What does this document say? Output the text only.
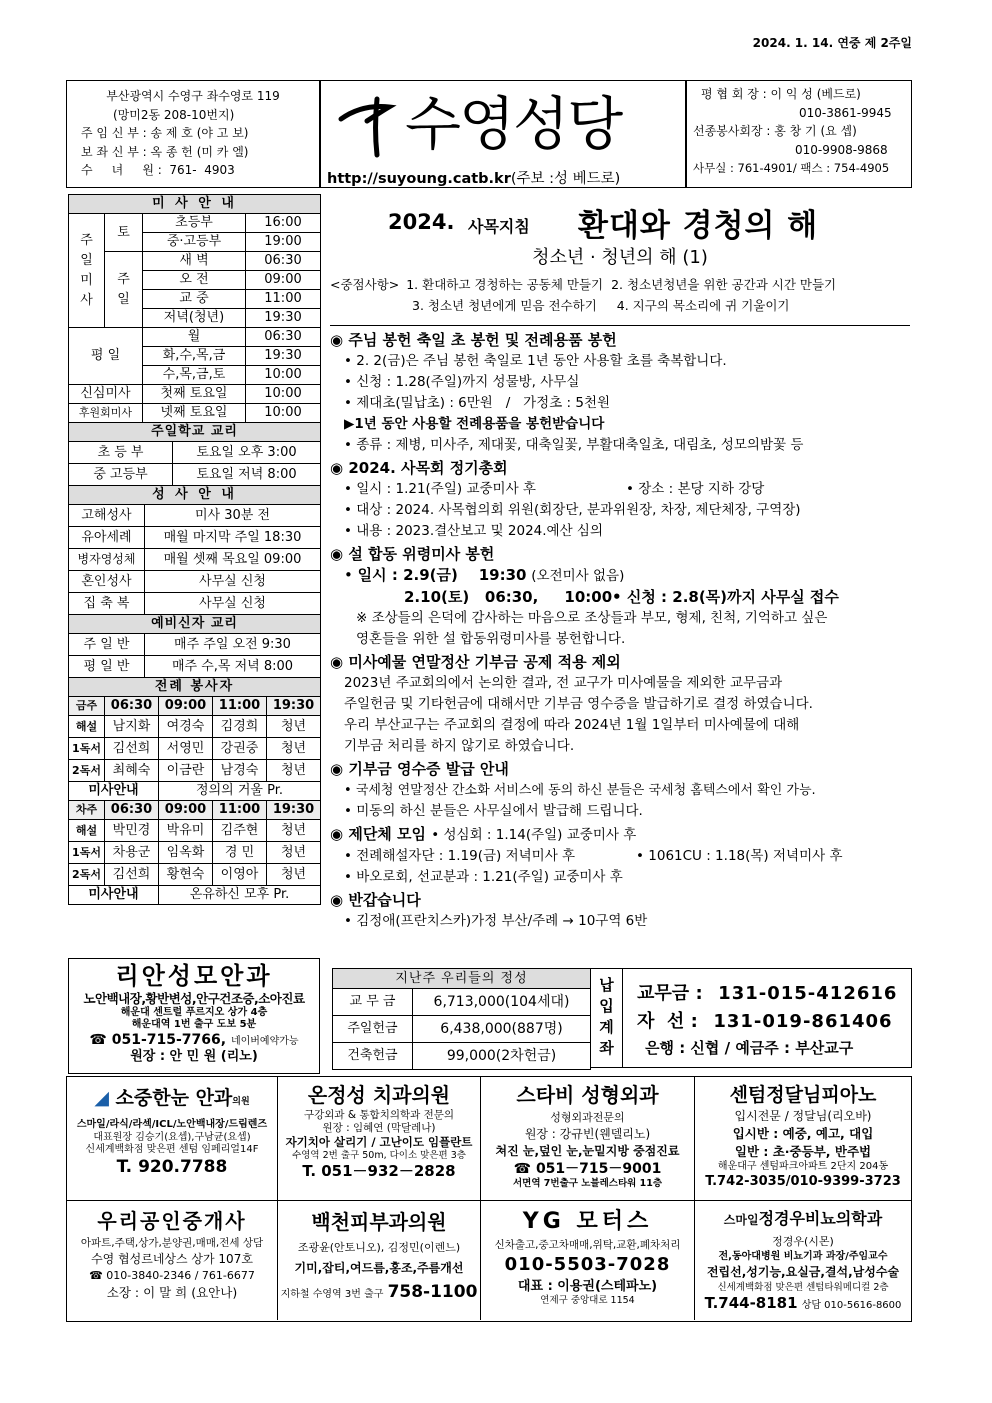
2024. 1. 14. 연중 제 2주일
부산광역시 수영구 좌수영로 119
(망미2동 208-10번지)
주 임 신 부 : 송 제 호 (야 고 보)
보 좌 신 부 : 옥 종 헌 (미 카 엘)
수     녀     원 :  761-  4903
수영성당
http://suyoung.catb.kr(주보 :성 베드로)
평 협 회 장 : 이 익 성 (베드로)
010-3861-9945
선종봉사회장 : 홍 창 기 (요 셉)
010-9908-9868
사무실 : 761-4901/ 팩스 : 754-4905
미 사 안 내			
주일미사	토	초등부	16:00
		중·고등부	19:00
	주일	새 벽	06:30
		오 전	09:00
		교 중	11:00
		저녁(청년)	19:30
평 일		월	06:30
		화,수,목,금	19:30
		수,목,금,토	10:00
신심미사		첫째 토요일	10:00
후원회미사		넷째 토요일	10:00
주일학교 교리	
초 등 부	토요일 오후 3:00
중 고등부	토요일 저녁 8:00
성 사 안 내	
고해성사	미사 30분 전
유아세례	매월 마지막 주일 18:30
병자영성체	매월 셋째 목요일 09:00
혼인성사	사무실 신청
집 축 복	사무실 신청
예비신자 교리	
주 일 반	매주 주일 오전 9:30
평 일 반	매주 수,목 저녁 8:00
전례 봉사자				
금주	06:30	09:00	11:00	19:30
해설	남지화	여경숙	김경희	청년
1독서	김선희	서영민	강권중	청년
2독서	최혜숙	이금란	남경숙	청년
미사안내		정의의 거울 Pr.		
차주	06:30	09:00	11:00	19:30
해설	박민경	박유미	김주현	청년
1독서	차용군	임옥화	경 민	청년
2독서	김선희	황현숙	이영아	청년
미사안내		온유하신 모후 Pr.		
리안성모안과
노안백내장,황반변성,안구건조증,소아진료
해운대 센트럴 푸르지오 상가 4층
해운대역 1번 출구 도보 5분
☎ 051-715-7766, 네이버예약가능
원장 : 안 민 원 (리노)
2024. 사목지침 환대와 경청의 해
청소년 · 청년의 해 (1)
<중점사항> 1. 환대하고 경청하는 공동체 만들기 2. 청소년청년을 위한 공간과 시간 만들기
3. 청소년 청년에게 믿음 전수하기 4. 지구의 목소리에 귀 기울이기
◉ 주님 봉헌 축일 초 봉헌 및 전례용품 봉헌
• 2. 2(금)은 주님 봉헌 축일로 1년 동안 사용할 초를 축복합니다.
• 신청 : 1.28(주일)까지 성물방, 사무실
• 제대초(밀납초) : 6만원   /   가정초 : 5천원
▶1년 동안 사용할 전례용품을 봉헌받습니다
• 종류 : 제병, 미사주, 제대꽃, 대축일꽃, 부활대축일초, 대림초, 성모의밤꽃 등
◉ 2024. 사목회 정기총회
• 일시 : 1.21(주일) 교중미사 후	• 장소 : 본당 지하 강당
• 대상 : 2024. 사목협의회 위원(회장단, 분과위원장, 차장, 제단체장, 구역장)
• 내용 : 2023.결산보고 및 2024.예산 심의
◉ 설 합동 위령미사 봉헌
• 일시 : 2.9(금)    19:30 (오전미사 없음)
2.10(토)   06:30,     10:00 • 신청 : 2.8(목)까지 사무실 접수
※ 조상들의 은덕에 감사하는 마음으로 조상들과 부모, 형제, 친척, 기억하고 싶은
영혼들을 위한 설 합동위령미사를 봉헌합니다.
◉ 미사예물 연말정산 기부금 공제 적용 제외
2023년 주교회의에서 논의한 결과, 전 교구가 미사예물을 제외한 교무금과
주일헌금 및 기타헌금에 대해서만 기부금 영수증을 발급하기로 결정 하였습니다.
우리 부산교구는 주교회의 결정에 따라 2024년 1월 1일부터 미사예물에 대해
기부금 처리를 하지 않기로 하였습니다.
◉ 기부금 영수증 발급 안내
• 국세청 연말정산 간소화 서비스에 동의 하신 분들은 국세청 홈텍스에서 확인 가능.
• 미동의 하신 분들은 사무실에서 발급해 드립니다.
◉ 제단체 모임 • 성심회 : 1.14(주일) 교중미사 후
• 전례해설자단 : 1.19(금) 저녁미사 후	• 1061CU : 1.18(목) 저녁미사 후
• 바오로회, 선교분과 : 1.21(주일) 교중미사 후
◉ 반갑습니다
• 김정애(프란치스카)가정 부산/주례 → 10구역 6반
지난주 우리들의 정성	
교 무 금	6,713,000(104세대)
주일헌금	6,438,000(887명)
건축헌금	99,000(2차헌금)
납입계좌
교무금 :  131-015-412616
자  선 :  131-019-861406
은행 : 신협 / 예금주 : 부산교구
◢ 소중한눈 안과의원
스마일/라식/라섹/ICL/노안백내장/드림렌즈
대표원장 김승기(요셉),구남균(요셉)
신세계백화점 맞은편 센텀 임페리얼14F
T. 920.7788
온정성 치과의원
구강외과 & 통합치의학과 전문의
원장 : 임혜연 (막달레나)
자기치아 살리기 / 고난이도 임플란트
수영역 2번 출구 50m, 다이소 맞은편 3층
T. 051－932－2828
스타비 성형외과
성형외과전문의
원장 : 강규빈(웬델리노)
쳐진 눈,덮인 눈,눈밑지방 중점진료
☎ 051－715－9001
서면역 7번출구 노블레스타워 11층
센텀정달님피아노
입시전문 / 정달님(리오바)
입시반 : 예중, 예고, 대입
일반 : 초·중등부, 반주법
해운대구 센텀파크아파트 2단지 204동
T.742-3035/010-9399-3723
우리공인중개사
아파트,주택,상가,분양권,매매,전세 상담
수영 협성르네상스 상가 107호
☎ 010-3840-2346 / 761-6677
소장 : 이 말 희 (요안나)
백천피부과의원
조광윤(안토니오), 김정민(이렌느)
기미,잡티,여드름,홍조,주름개선
지하철 수영역 3번 출구 758-1100
YG 모터스
신차출고,중고차매매,위탁,교환,폐차처리
010-5503-7028
대표 : 이용권(스테파노)
연제구 중앙대로 1154
스마일정경우비뇨의학과
정경우(시몬)
전,동아대병원 비뇨기과 과장/주임교수
전립선,성기능,요실금,결석,남성수술
신세계백화점 맞은편 센텀타워메디컬 2층
T.744-8181 상담 010-5616-8600
